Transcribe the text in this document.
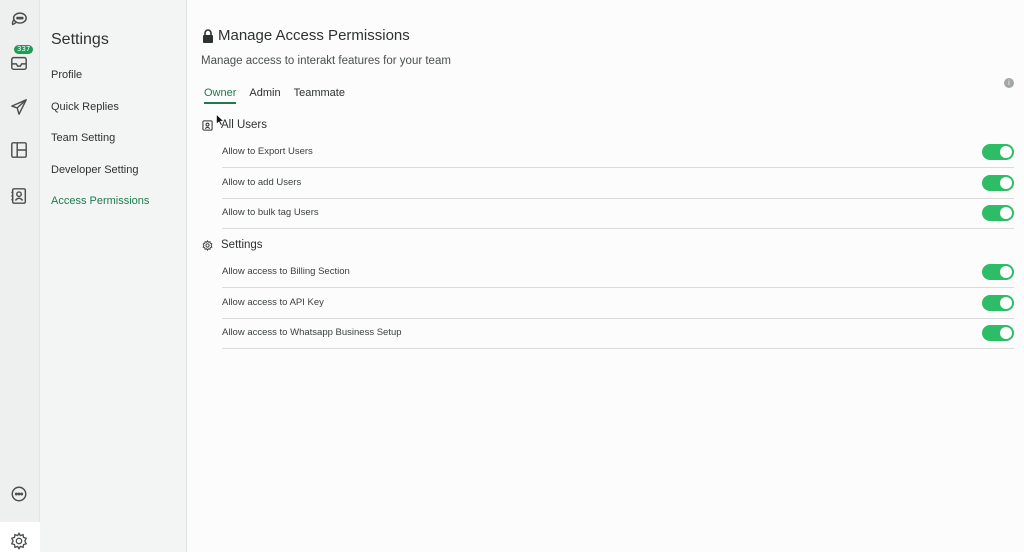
337
Settings
Profile
Quick Replies
Team Setting
Developer Setting
Access Permissions
Manage Access Permissions
Manage access to interakt features for your team
i
Owner Admin Teammate
All Users
Allow to Export Users
Allow to add Users
Allow to bulk tag Users
Settings
Allow access to Billing Section
Allow access to API Key
Allow access to Whatsapp Business Setup
